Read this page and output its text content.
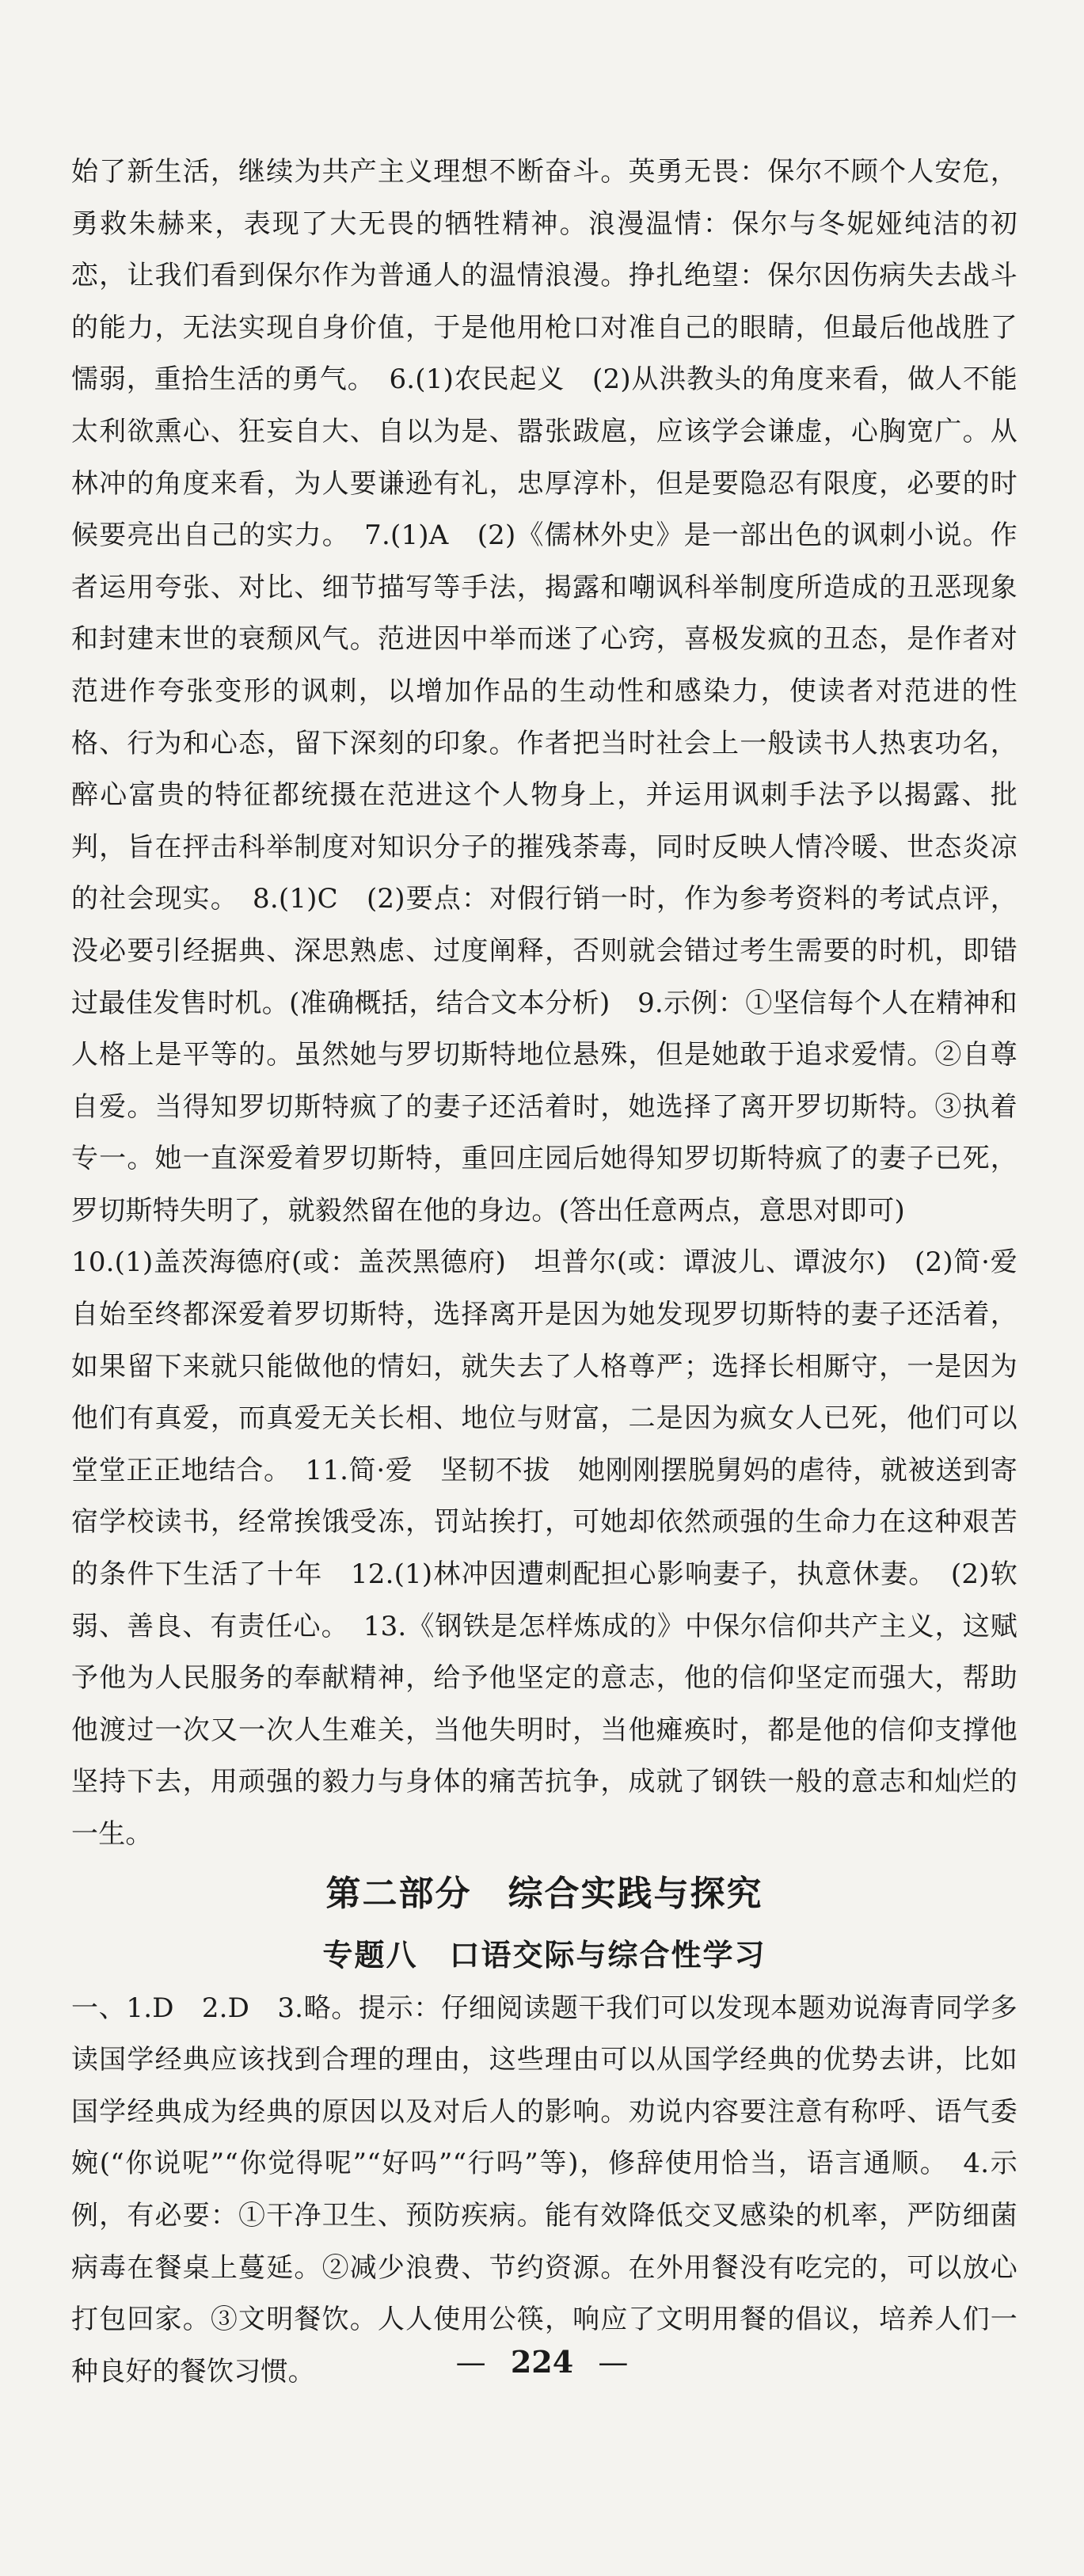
始了新生活，继续为共产主义理想不断奋斗。英勇无畏：保尔不顾个人安危，勇救朱赫来，表现了大无畏的牺牲精神。浪漫温情：保尔与冬妮娅纯洁的初恋，让我们看到保尔作为普通人的温情浪漫。挣扎绝望：保尔因伤病失去战斗的能力，无法实现自身价值，于是他用枪口对准自己的眼睛，但最后他战胜了懦弱，重拾生活的勇气。　6.(1)农民起义　(2)从洪教头的角度来看，做人不能太利欲熏心、狂妄自大、自以为是、嚣张跋扈，应该学会谦虚，心胸宽广。从林冲的角度来看，为人要谦逊有礼，忠厚淳朴，但是要隐忍有限度，必要的时候要亮出自己的实力。　7.(1)A　(2)《儒林外史》是一部出色的讽刺小说。作者运用夸张、对比、细节描写等手法，揭露和嘲讽科举制度所造成的丑恶现象和封建末世的衰颓风气。范进因中举而迷了心窍，喜极发疯的丑态，是作者对范进作夸张变形的讽刺，以增加作品的生动性和感染力，使读者对范进的性格、行为和心态，留下深刻的印象。作者把当时社会上一般读书人热衷功名，醉心富贵的特征都统摄在范进这个人物身上，并运用讽刺手法予以揭露、批判，旨在抨击科举制度对知识分子的摧残荼毒，同时反映人情冷暖、世态炎凉的社会现实。　8.(1)C　(2)要点：对假行销一时，作为参考资料的考试点评，没必要引经据典、深思熟虑、过度阐释，否则就会错过考生需要的时机，即错过最佳发售时机。(准确概括，结合文本分析)　9.示例：①坚信每个人在精神和人格上是平等的。虽然她与罗切斯特地位悬殊，但是她敢于追求爱情。②自尊自爱。当得知罗切斯特疯了的妻子还活着时，她选择了离开罗切斯特。③执着专一。她一直深爱着罗切斯特，重回庄园后她得知罗切斯特疯了的妻子已死，罗切斯特失明了，就毅然留在他的身边。(答出任意两点，意思对即可)

10.(1)盖茨海德府(或：盖茨黑德府)　坦普尔(或：谭波儿、谭波尔)　(2)简·爱自始至终都深爱着罗切斯特，选择离开是因为她发现罗切斯特的妻子还活着，如果留下来就只能做他的情妇，就失去了人格尊严；选择长相厮守，一是因为他们有真爱，而真爱无关长相、地位与财富，二是因为疯女人已死，他们可以堂堂正正地结合。　11.简·爱　坚韧不拔　她刚刚摆脱舅妈的虐待，就被送到寄宿学校读书，经常挨饿受冻，罚站挨打，可她却依然顽强的生命力在这种艰苦的条件下生活了十年　12.(1)林冲因遭刺配担心影响妻子，执意休妻。　(2)软弱、善良、有责任心。　13.《钢铁是怎样炼成的》中保尔信仰共产主义，这赋予他为人民服务的奉献精神，给予他坚定的意志，他的信仰坚定而强大，帮助他渡过一次又一次人生难关，当他失明时，当他瘫痪时，都是他的信仰支撑他坚持下去，用顽强的毅力与身体的痛苦抗争，成就了钢铁一般的意志和灿烂的一生。

第二部分　综合实践与探究
专题八　口语交际与综合性学习

一、1.D　2.D　3.略。提示：仔细阅读题干我们可以发现本题劝说海青同学多读国学经典应该找到合理的理由，这些理由可以从国学经典的优势去讲，比如国学经典成为经典的原因以及对后人的影响。劝说内容要注意有称呼、语气委婉(“你说呢”“你觉得呢”“好吗”“行吗”等)，修辞使用恰当，语言通顺。　4.示例，有必要：①干净卫生、预防疾病。能有效降低交叉感染的机率，严防细菌病毒在餐桌上蔓延。②减少浪费、节约资源。在外用餐没有吃完的，可以放心打包回家。③文明餐饮。人人使用公筷，响应了文明用餐的倡议，培养人们一种良好的餐饮习惯。	— 224 —
